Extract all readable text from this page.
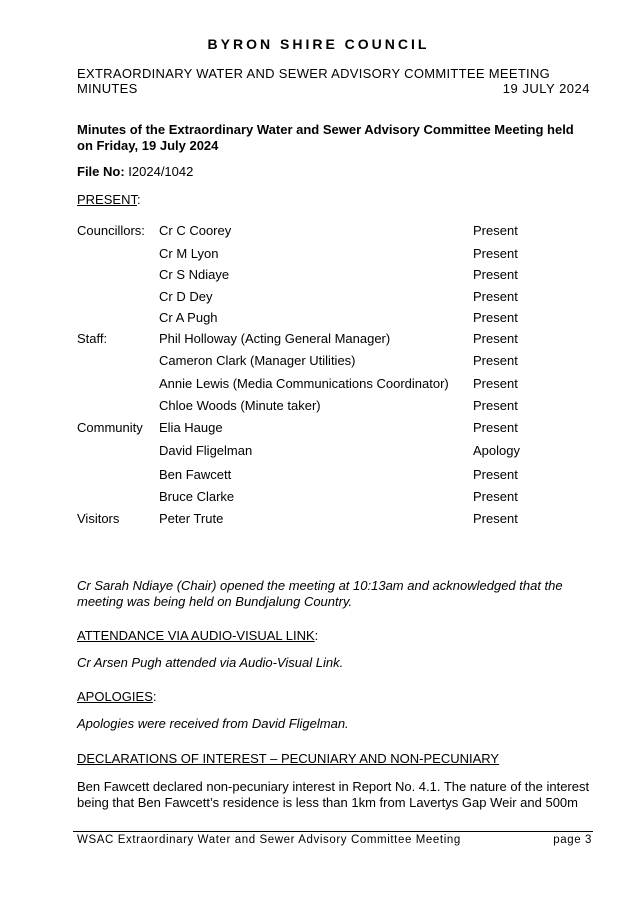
BYRON SHIRE COUNCIL
EXTRAORDINARY WATER AND SEWER ADVISORY COMMITTEE MEETING
MINUTES	19 JULY 2024
Minutes of the Extraordinary Water and Sewer Advisory Committee Meeting held on Friday, 19 July 2024
File No: I2024/1042
PRESENT:
Councillors: Cr C Coorey	Present
Cr M Lyon	Present
Cr S Ndiaye	Present
Cr D Dey	Present
Cr A Pugh	Present
Staff:	Phil Holloway (Acting General Manager)	Present
Cameron Clark (Manager Utilities)	Present
Annie Lewis (Media Communications Coordinator) Present
Chloe Woods (Minute taker)	Present
Community Elia Hauge	Present
David Fligelman	Apology
Ben Fawcett	Present
Bruce Clarke	Present
Visitors	Peter Trute	Present
Cr Sarah Ndiaye (Chair) opened the meeting at 10:13am and acknowledged that the meeting was being held on Bundjalung Country.
ATTENDANCE VIA AUDIO-VISUAL LINK:
Cr Arsen Pugh attended via Audio-Visual Link.
APOLOGIES:
Apologies were received from David Fligelman.
DECLARATIONS OF INTEREST – PECUNIARY AND NON-PECUNIARY
Ben Fawcett declared non-pecuniary interest in Report No. 4.1. The nature of the interest being that Ben Fawcett’s residence is less than 1km from Lavertys Gap Weir and 500m
WSAC Extraordinary Water and Sewer Advisory Committee Meeting	page 3
